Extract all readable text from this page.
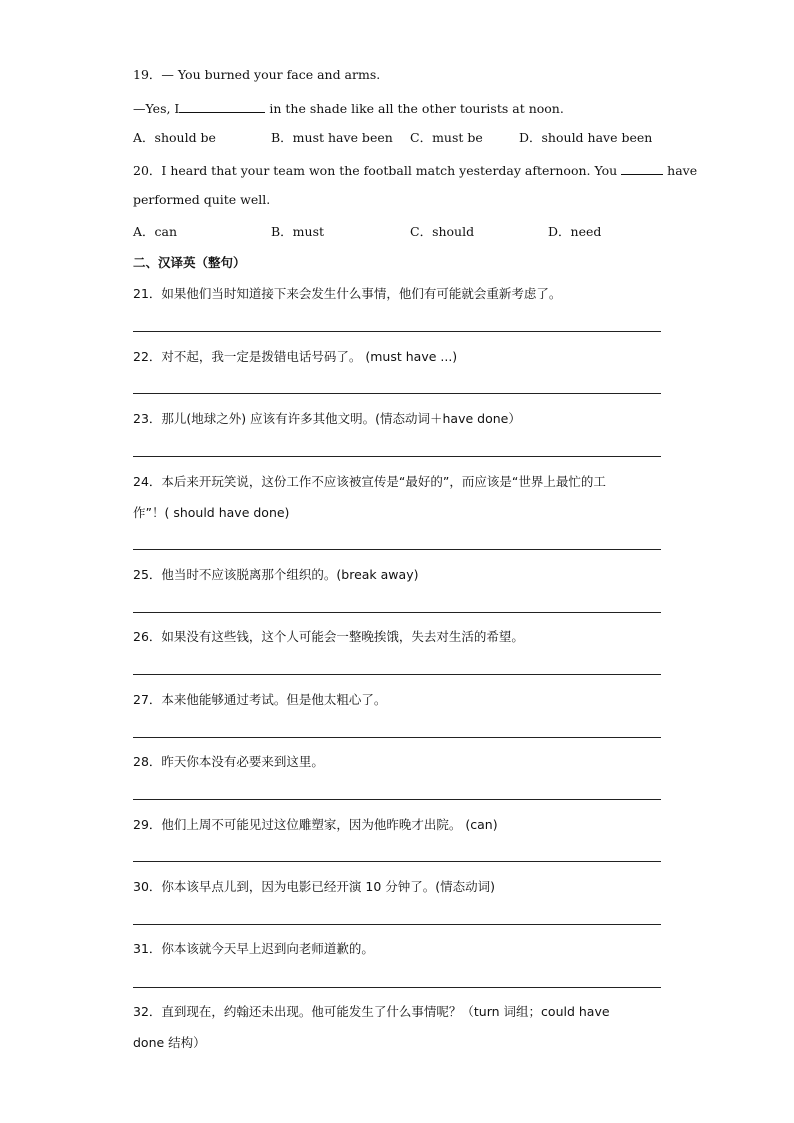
19．— You burned your face and arms.
—Yes, I	in the shade like all the other tourists at noon.
A．should be	B．must have been C．must be	D．should have been
20．I heard that your team won the football match yesterday afternoon. You	have
performed quite well.
A．can	B．must	C．should	D．need
二、汉译英（整句）
21．如果他们当时知道接下来会发生什么事情，他们有可能就会重新考虑了。
22．对不起，我一定是拨错电话号码了。 (must have ...)
23．那儿(地球之外) 应该有许多其他文明。(情态动词＋have done）
24．本后来开玩笑说，这份工作不应该被宣传是“最好的”，而应该是“世界上最忙的工
作”！( should have done)
25．他当时不应该脱离那个组织的。(break away)
26．如果没有这些钱，这个人可能会一整晚挨饿，失去对生活的希望。
27．本来他能够通过考试。但是他太粗心了。
28．昨天你本没有必要来到这里。
29．他们上周不可能见过这位雕塑家，因为他昨晚才出院。 (can)
30．你本该早点儿到，因为电影已经开演 10 分钟了。(情态动词)
31．你本该就今天早上迟到向老师道歉的。
32．直到现在，约翰还未出现。他可能发生了什么事情呢？（turn 词组；could have
done 结构）
